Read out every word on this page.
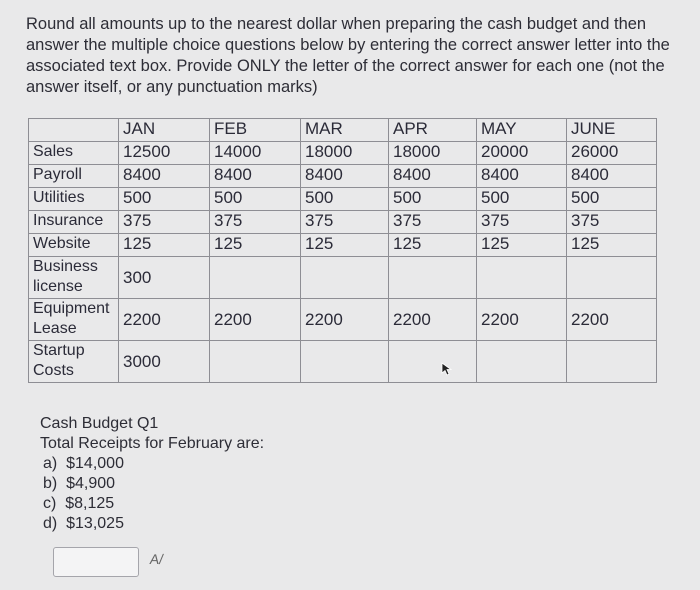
Round all amounts up to the nearest dollar when preparing the cash budget and then answer the multiple choice questions below by entering the correct answer letter into the associated text box. Provide ONLY the letter of the correct answer for each one (not the answer itself, or any punctuation marks)
	JAN	FEB	MAR	APR	MAY	JUNE
Sales	12500	14000	18000	18000	20000	26000
Payroll	8400	8400	8400	8400	8400	8400
Utilities	500	500	500	500	500	500
Insurance	375	375	375	375	375	375
Website	125	125	125	125	125	125
Business license	300					
Equipment Lease	2200	2200	2200	2200	2200	2200
Startup Costs	3000					
Cash Budget Q1
Total Receipts for February are:
a) $14,000
b) $4,900
c) $8,125
d) $13,025
A/
